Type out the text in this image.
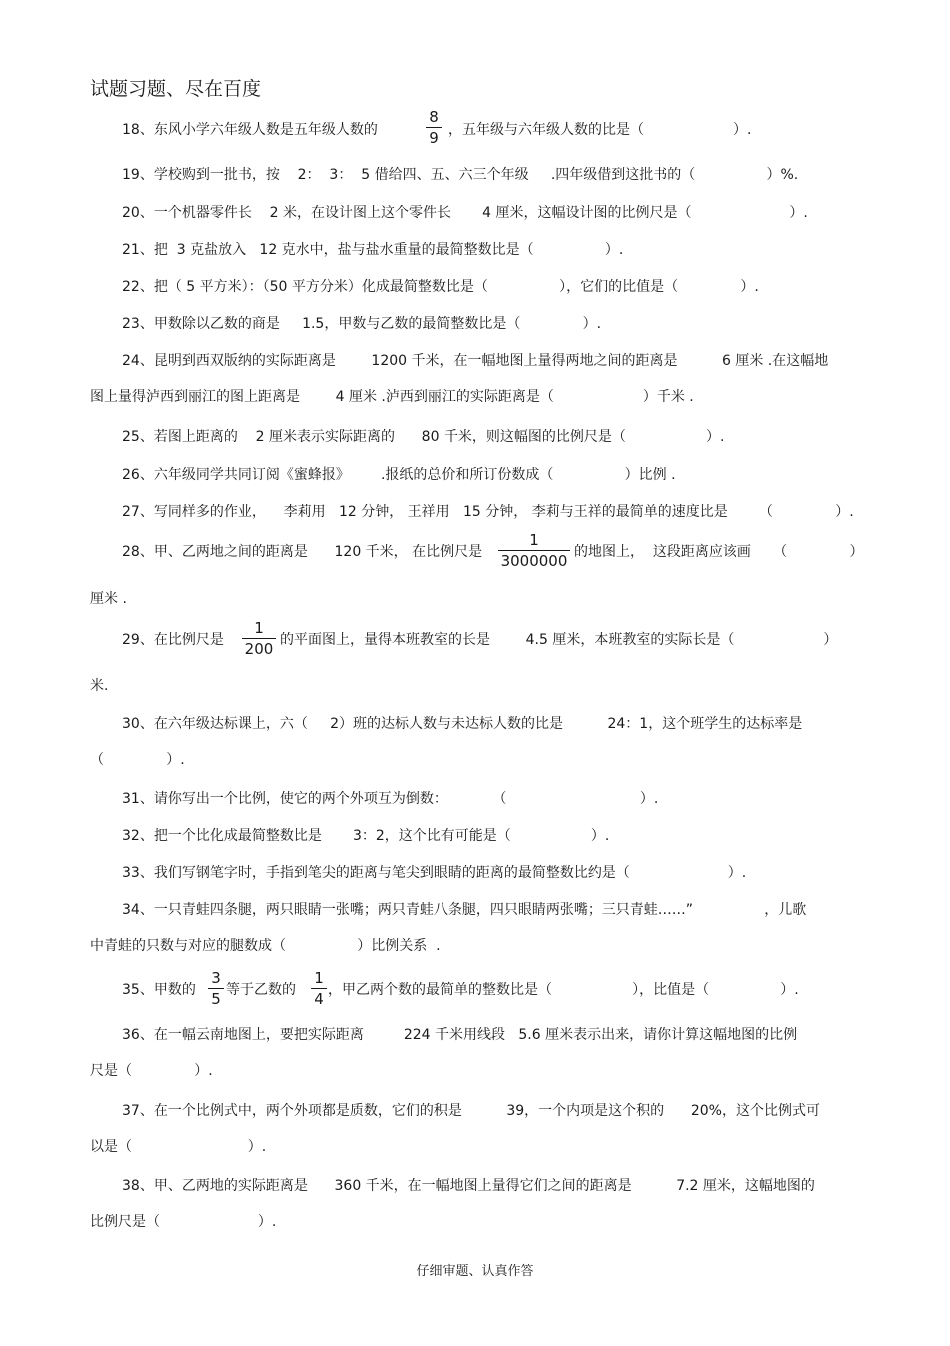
试题习题、尽在百度
18、东风小学六年级人数是五年级人数的
8
9 ，五年级与六年级人数的比是（                    ）.
19、学校购到一批书，按    2：  3：  5 借给四、五、六三个年级     .四年级借到这批书的（                ）%.
20、一个机器零件长    2 米，在设计图上这个零件长       4 厘米，这幅设计图的比例尺是（                      ）.
21、把  3 克盐放入   12 克水中，盐与盐水重量的最简整数比是（                ）.
22、把（ 5 平方米）：（50 平方分米）化成最简整数比是（                ），它们的比值是（              ）.
23、甲数除以乙数的商是     1.5，甲数与乙数的最简整数比是（              ）.
24、昆明到西双版纳的实际距离是        1200 千米，在一幅地图上量得两地之间的距离是          6 厘米 .在这幅地
图上量得泸西到丽江的图上距离是        4 厘米 .泸西到丽江的实际距离是（                    ）千米 .
25、若图上距离的    2 厘米表示实际距离的      80 千米，则这幅图的比例尺是（                  ）.
26、六年级同学共同订阅《蜜蜂报》       .报纸的总价和所订份数成（                ）比例 .
27、写同样多的作业，    李莉用   12 分钟， 王祥用   15 分钟， 李莉与王祥的最简单的速度比是       （              ）.
28、甲、乙两地之间的距离是      120 千米， 在比例尺是
1
3000000 的地图上，  这段距离应该画     （              ）
厘米 .
29、在比例尺是
1
200 的平面图上，量得本班教室的长是        4.5 厘米，本班教室的实际长是（                    ）
米.
30、在六年级达标课上，六（     2）班的达标人数与未达标人数的比是          24：1，这个班学生的达标率是
（              ）.
31、请你写出一个比例，使它的两个外项互为倒数：          （                              ）.
32、把一个比化成最简整数比是       3：2，这个比有可能是（                  ）.
33、我们写钢笔字时，手指到笔尖的距离与笔尖到眼睛的距离的最简整数比约是（                      ）.
34、一只青蛙四条腿，两只眼睛一张嘴；两只青蛙八条腿，四只眼睛两张嘴；三只青蛙……”                ，儿歌
中青蛙的只数与对应的腿数成（                ）比例关系  .
35、甲数的
3
5 等于乙数的
1
4 ，甲乙两个数的最简单的整数比是（                  ），比值是（                ）.
36、在一幅云南地图上，要把实际距离         224 千米用线段   5.6 厘米表示出来，请你计算这幅地图的比例
尺是（              ）.
37、在一个比例式中，两个外项都是质数，它们的积是          39，一个内项是这个积的      20%，这个比例式可
以是（                          ）.
38、甲、乙两地的实际距离是      360 千米，在一幅地图上量得它们之间的距离是          7.2 厘米，这幅地图的
比例尺是（                      ）.
仔细审题、认真作答
